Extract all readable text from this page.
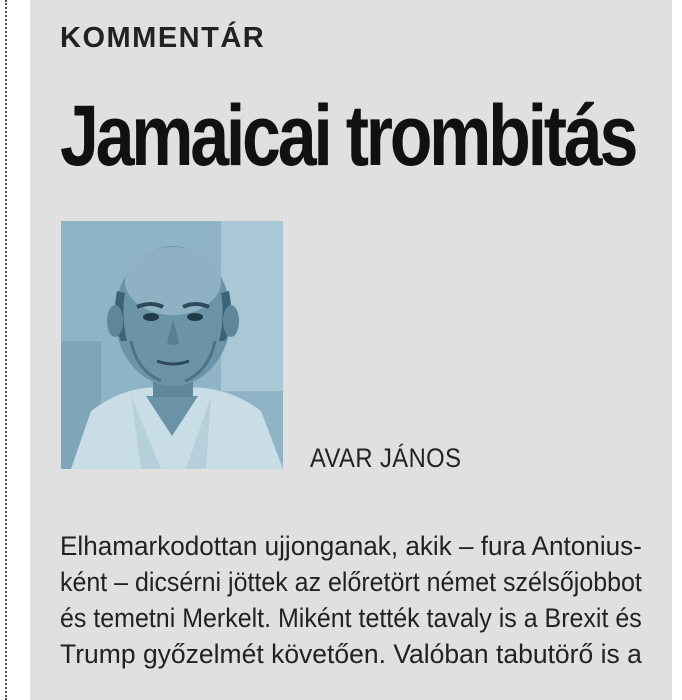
KOMMENTÁR
Jamaicai trombitás
AVAR JÁNOS
Elhamarkodottan ujjonganak, akik – fura Antonius-
ként – dicsérni jöttek az előretört német szélsőjobbot
és temetni Merkelt. Miként tették tavaly is a Brexit és
Trump győzelmét követően. Valóban tabutörő is a
